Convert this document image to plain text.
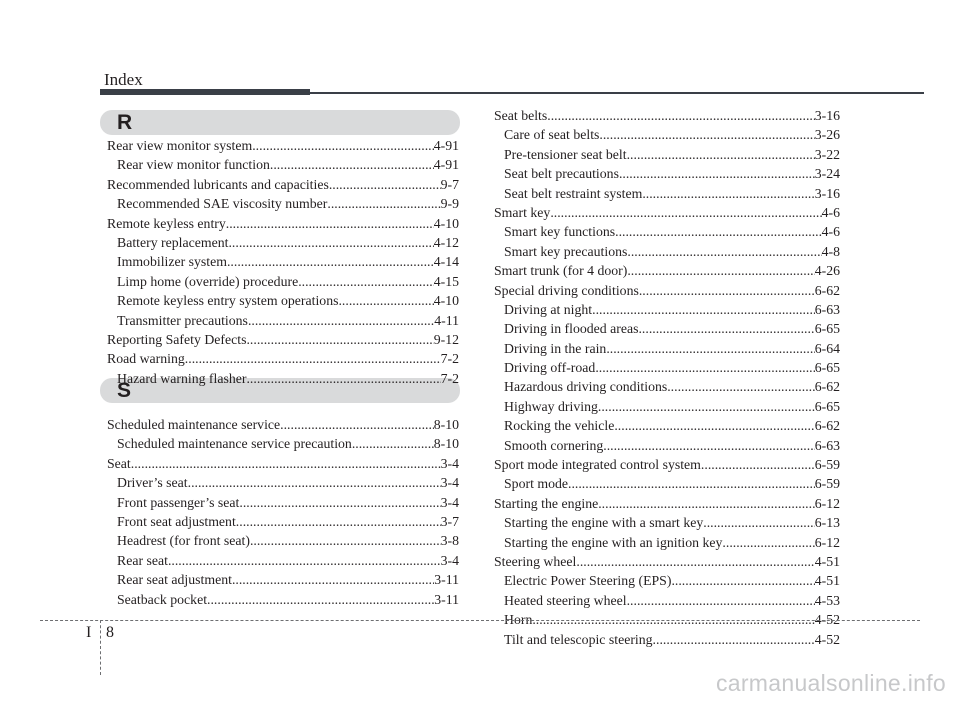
Index
R
S
Rear view monitor system .....	4-91
Rear view monitor function .....	4-91
Recommended lubricants and capacities .....	9-7
Recommended SAE viscosity number .....	9-9
Remote keyless entry .....	4-10
Battery replacement .....	4-12
Immobilizer system .....	4-14
Limp home (override) procedure .....	4-15
Remote keyless entry system operations .....	4-10
Transmitter precautions .....	4-11
Reporting Safety Defects .....	9-12
Road warning .....	7-2
Hazard warning flasher .....	7-2
Scheduled maintenance service .....	8-10
Scheduled maintenance service precaution .....	8-10
Seat .....	3-4
Driver’s seat .....	3-4
Front passenger’s seat .....	3-4
Front seat adjustment .....	3-7
Headrest (for front seat) .....	3-8
Rear seat .....	3-4
Rear seat adjustment .....	3-11
Seatback pocket .....	3-11
Seat belts .....	3-16
Care of seat belts .....	3-26
Pre-tensioner seat belt .....	3-22
Seat belt precautions .....	3-24
Seat belt restraint system .....	3-16
Smart key .....	4-6
Smart key functions .....	4-6
Smart key precautions .....	4-8
Smart trunk (for 4 door) .....	4-26
Special driving conditions .....	6-62
Driving at night .....	6-63
Driving in flooded areas .....	6-65
Driving in the rain .....	6-64
Driving off-road .....	6-65
Hazardous driving conditions .....	6-62
Highway driving .....	6-65
Rocking the vehicle .....	6-62
Smooth cornering .....	6-63
Sport mode integrated control system .....	6-59
Sport mode .....	6-59
Starting the engine .....	6-12
Starting the engine with a smart key .....	6-13
Starting the engine with an ignition key .....	6-12
Steering wheel .....	4-51
Electric Power Steering (EPS) .....	4-51
Heated steering wheel .....	4-53
Horn .....	4-52
Tilt and telescopic steering .....	4-52
I 8
carmanualsonline.info
